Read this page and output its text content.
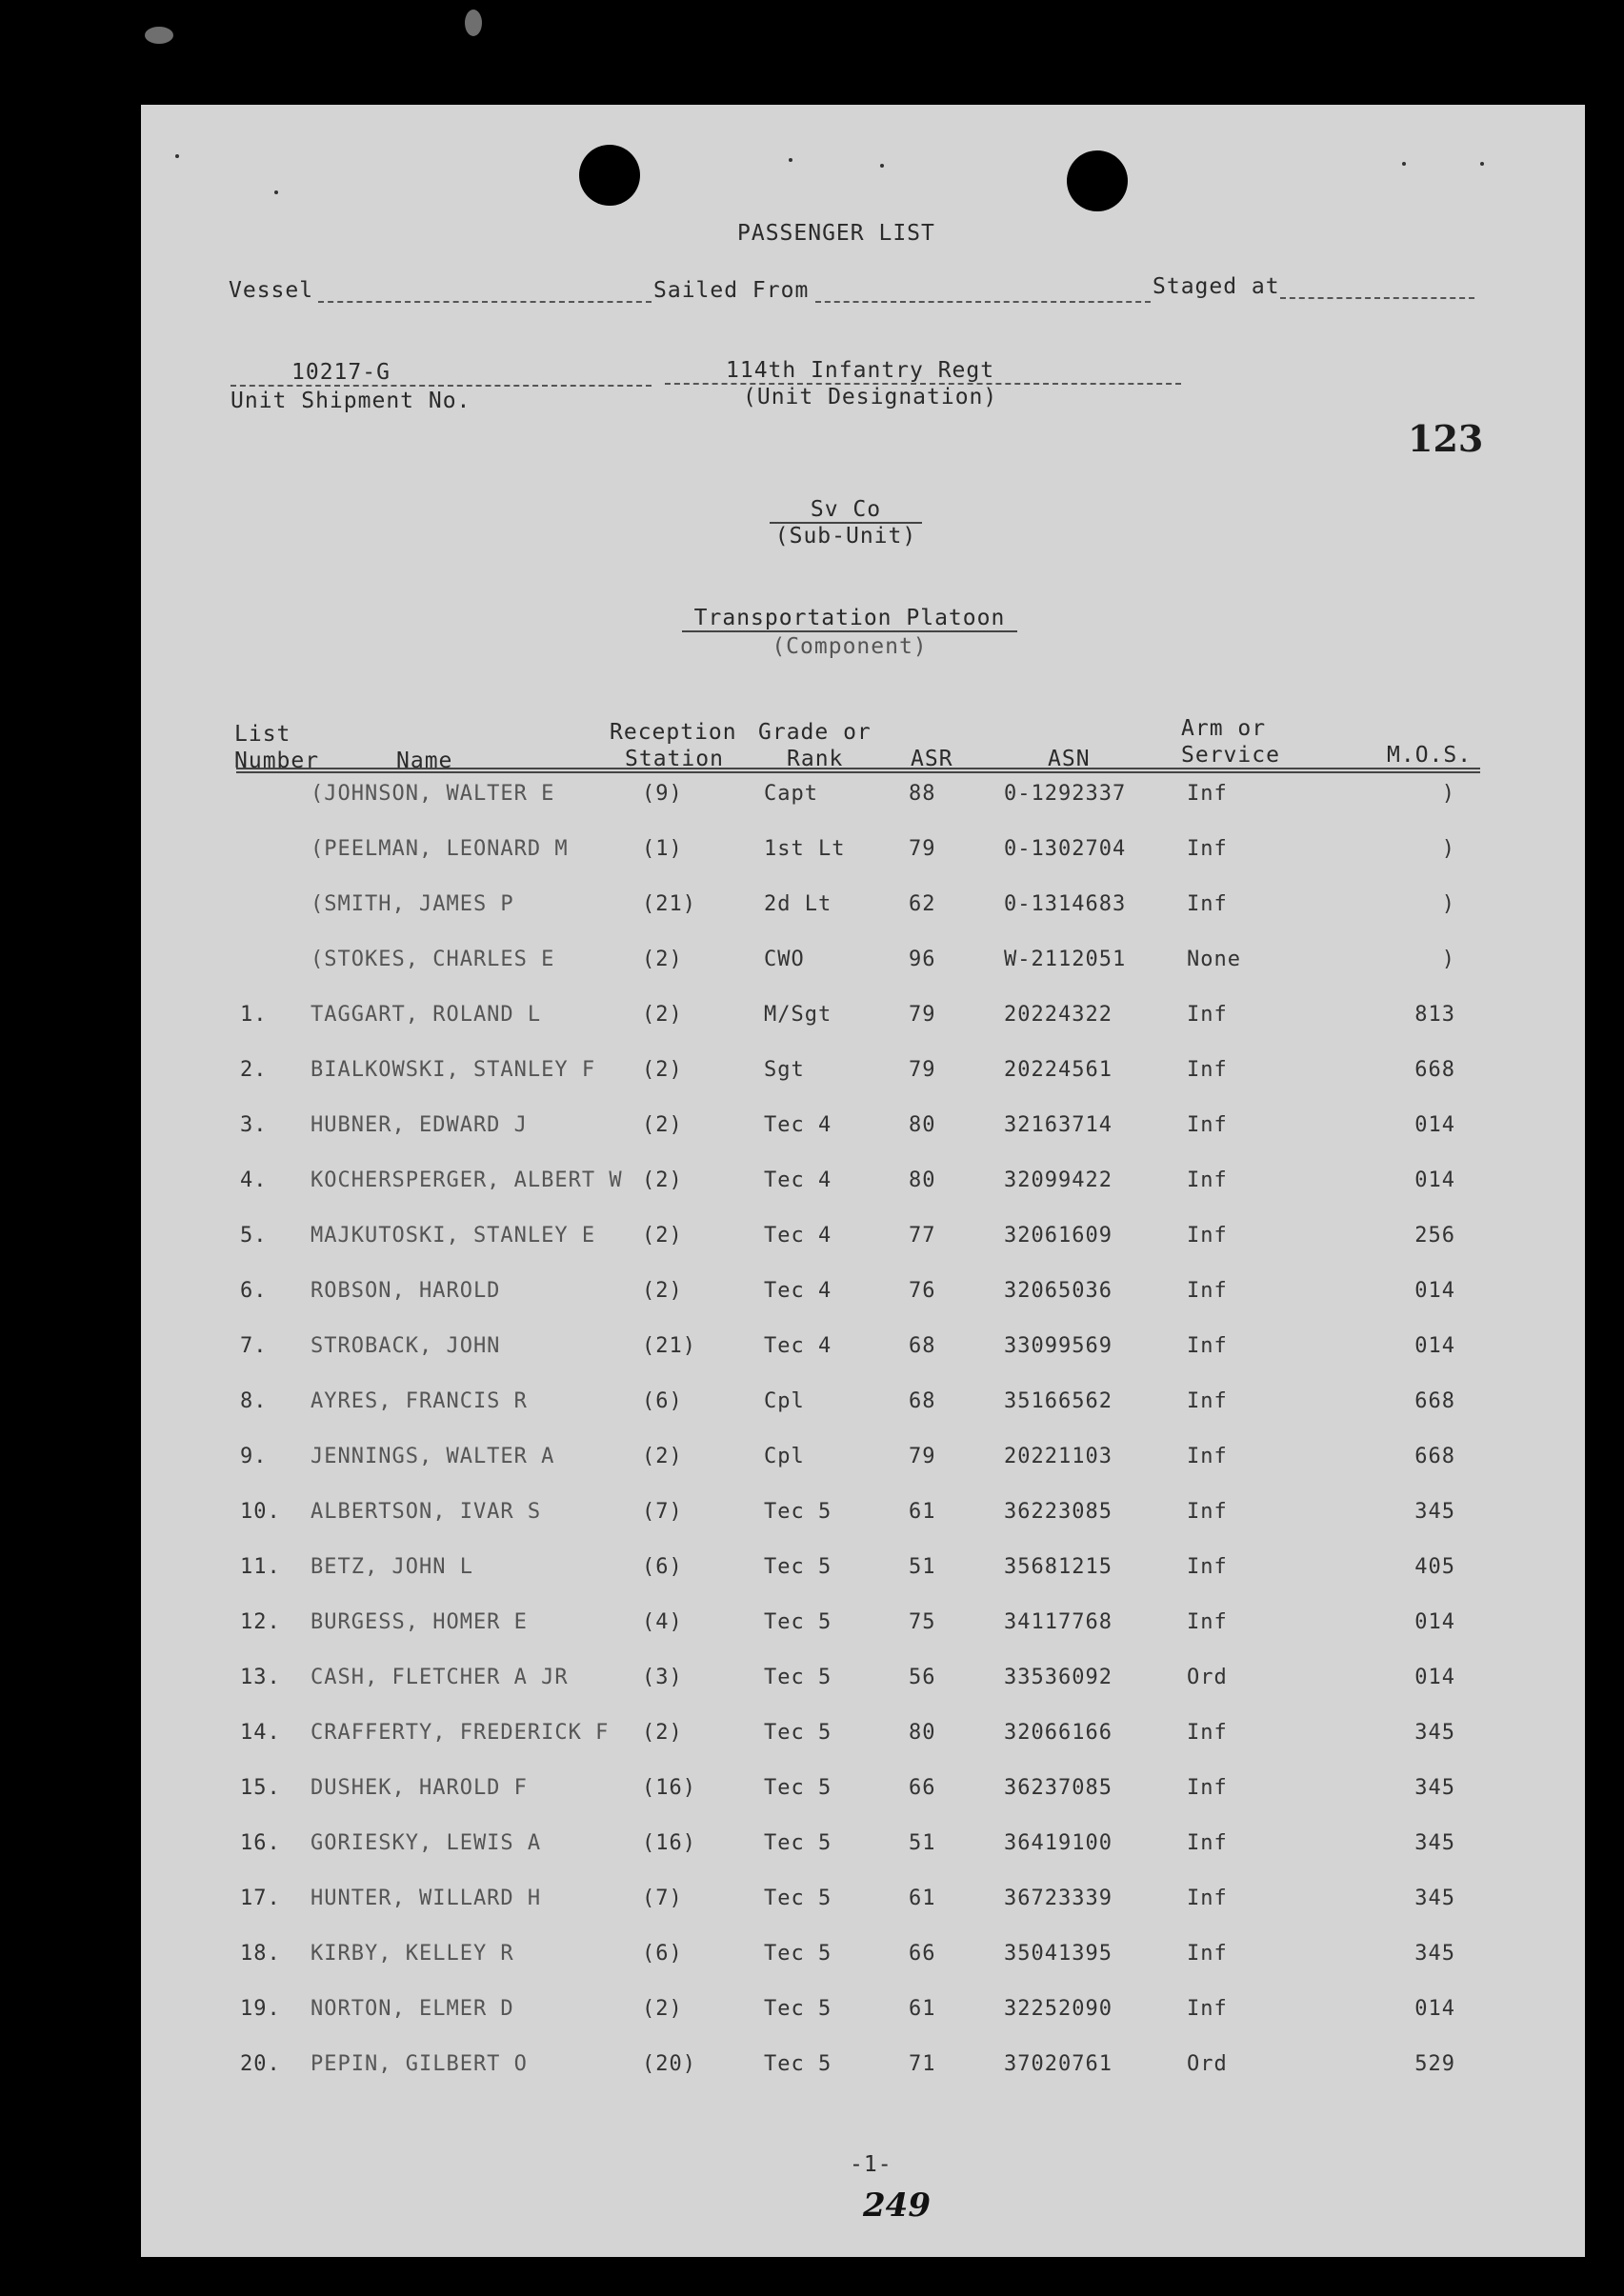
PASSENGER LIST
Vessel	Sailed From	Staged at
10217-G
Unit Shipment No.
114th Infantry Regt
(Unit Designation)
123
Sv Co
(Sub-Unit)
Transportation Platoon
(Component)
List
Number	Name
Reception
Station
Grade or
Rank	ASR	ASN
Arm or
Service	M.O.S.
(JOHNSON, WALTER E	(9)	Capt	88	0-1292337	Inf	)
(PEELMAN, LEONARD M	(1)	1st Lt	79	0-1302704	Inf	)
(SMITH, JAMES P	(21)	2d Lt	62	0-1314683	Inf	)
(STOKES, CHARLES E	(2)	CWO	96	W-2112051	None	)
1.	TAGGART, ROLAND L	(2)	M/Sgt	79	20224322	Inf	813
2.	BIALKOWSKI, STANLEY F	(2)	Sgt	79	20224561	Inf	668
3.	HUBNER, EDWARD J	(2)	Tec 4	80	32163714	Inf	014
4.	KOCHERSPERGER, ALBERT W (2)	Tec 4	80	32099422	Inf	014
5.	MAJKUTOSKI, STANLEY E	(2)	Tec 4	77	32061609	Inf	256
6.	ROBSON, HAROLD	(2)	Tec 4	76	32065036	Inf	014
7.	STROBACK, JOHN	(21)	Tec 4	68	33099569	Inf	014
8.	AYRES, FRANCIS R	(6)	Cpl	68	35166562	Inf	668
9.	JENNINGS, WALTER A	(2)	Cpl	79	20221103	Inf	668
10.	ALBERTSON, IVAR S	(7)	Tec 5	61	36223085	Inf	345
11.	BETZ, JOHN L	(6)	Tec 5	51	35681215	Inf	405
12.	BURGESS, HOMER E	(4)	Tec 5	75	34117768	Inf	014
13.	CASH, FLETCHER A JR	(3)	Tec 5	56	33536092	Ord	014
14.	CRAFFERTY, FREDERICK F	(2)	Tec 5	80	32066166	Inf	345
15.	DUSHEK, HAROLD F	(16)	Tec 5	66	36237085	Inf	345
16.	GORIESKY, LEWIS A	(16)	Tec 5	51	36419100	Inf	345
17.	HUNTER, WILLARD H	(7)	Tec 5	61	36723339	Inf	345
18.	KIRBY, KELLEY R	(6)	Tec 5	66	35041395	Inf	345
19.	NORTON, ELMER D	(2)	Tec 5	61	32252090	Inf	014
20.	PEPIN, GILBERT O	(20)	Tec 5	71	37020761	Ord	529
-1-
249
